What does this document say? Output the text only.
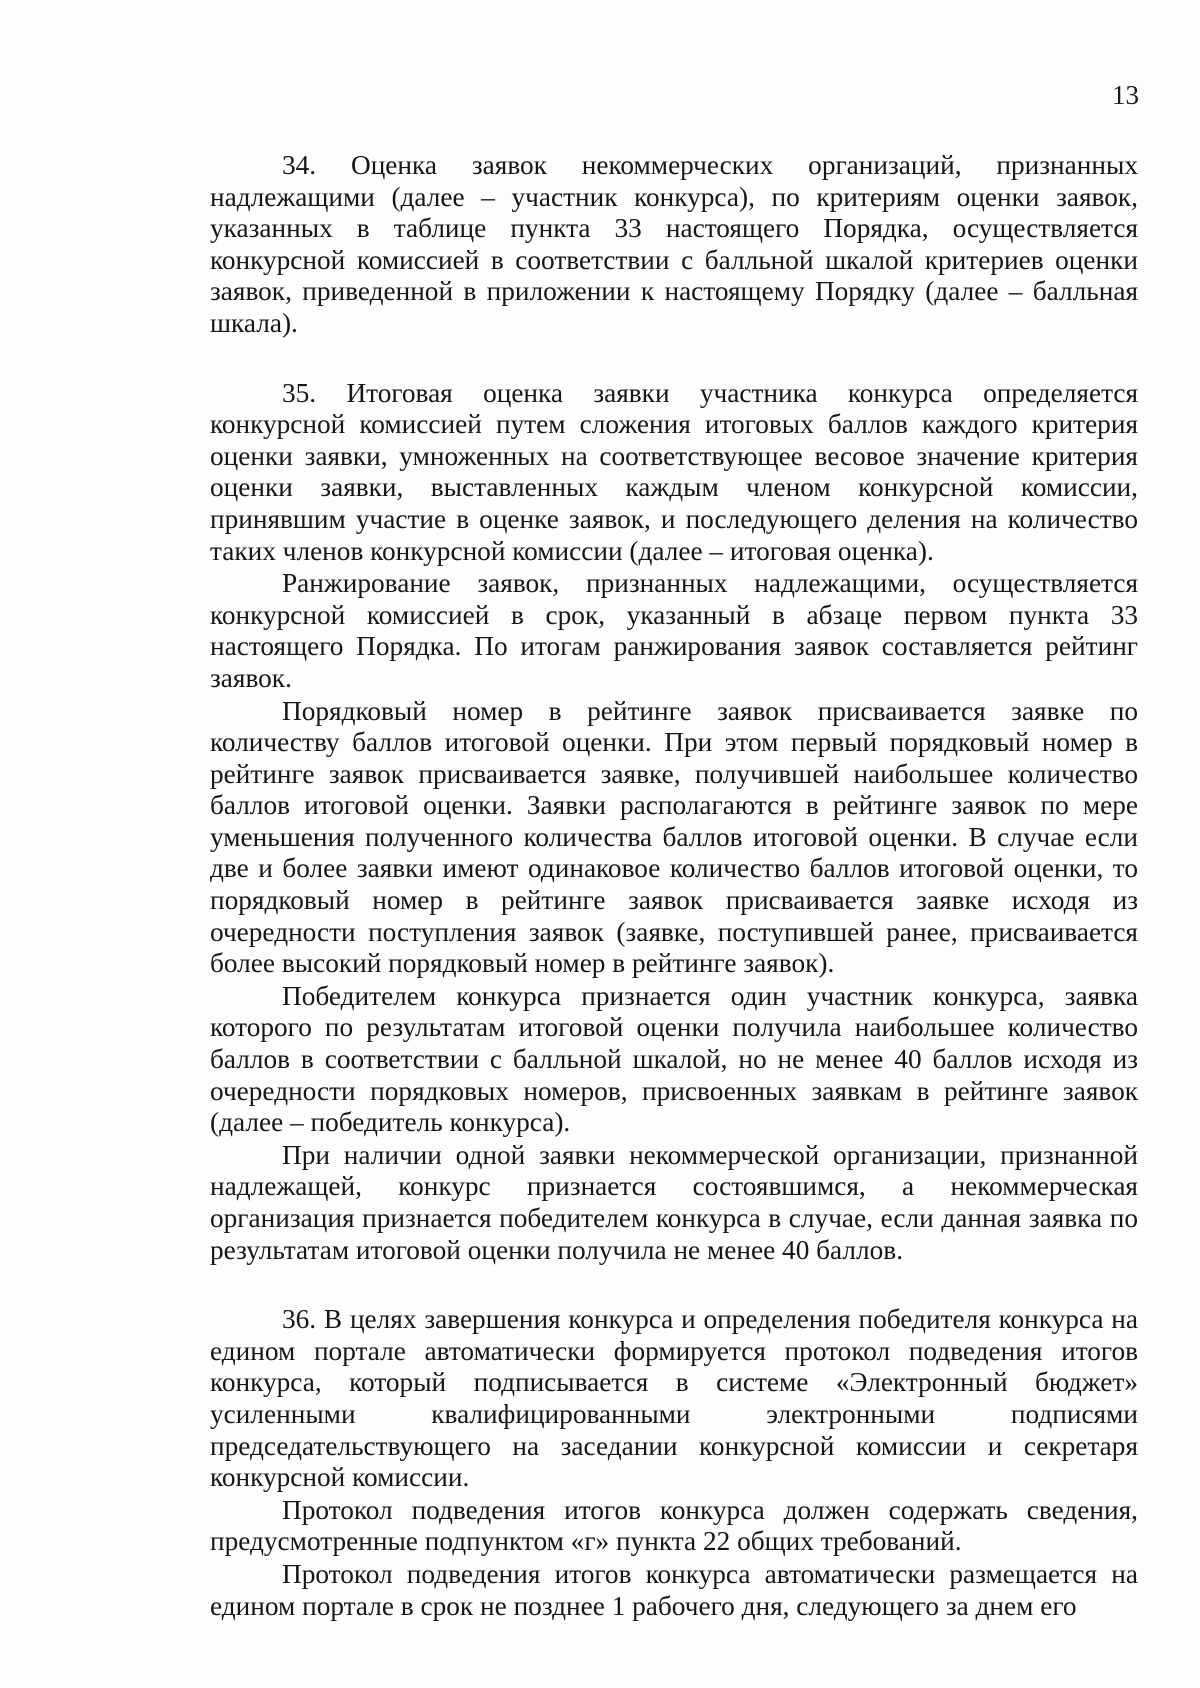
13

34. Оценка заявок некоммерческих организаций, признанных надлежащими (далее – участник конкурса), по критериям оценки заявок, указанных в таблице пункта 33 настоящего Порядка, осуществляется конкурсной комиссией в соответствии с балльной шкалой критериев оценки заявок, приведенной в приложении к настоящему Порядку (далее – балльная шкала).

35. Итоговая оценка заявки участника конкурса определяется конкурсной комиссией путем сложения итоговых баллов каждого критерия оценки заявки, умноженных на соответствующее весовое значение критерия оценки заявки, выставленных каждым членом конкурсной комиссии, принявшим участие в оценке заявок, и последующего деления на количество таких членов конкурсной комиссии (далее – итоговая оценка).

Ранжирование заявок, признанных надлежащими, осуществляется конкурсной комиссией в срок, указанный в абзаце первом пункта 33 настоящего Порядка. По итогам ранжирования заявок составляется рейтинг заявок.

Порядковый номер в рейтинге заявок присваивается заявке по количеству баллов итоговой оценки. При этом первый порядковый номер в рейтинге заявок присваивается заявке, получившей наибольшее количество баллов итоговой оценки. Заявки располагаются в рейтинге заявок по мере уменьшения полученного количества баллов итоговой оценки. В случае если две и более заявки имеют одинаковое количество баллов итоговой оценки, то порядковый номер в рейтинге заявок присваивается заявке исходя из очередности поступления заявок (заявке, поступившей ранее, присваивается более высокий порядковый номер в рейтинге заявок).

Победителем конкурса признается один участник конкурса, заявка которого по результатам итоговой оценки получила наибольшее количество баллов в соответствии с балльной шкалой, но не менее 40 баллов исходя из очередности порядковых номеров, присвоенных заявкам в рейтинге заявок (далее – победитель конкурса).

При наличии одной заявки некоммерческой организации, признанной надлежащей, конкурс признается состоявшимся, а некоммерческая организация признается победителем конкурса в случае, если данная заявка по результатам итоговой оценки получила не менее 40 баллов.

36. В целях завершения конкурса и определения победителя конкурса на едином портале автоматически формируется протокол подведения итогов конкурса, который подписывается в системе «Электронный бюджет» усиленными квалифицированными электронными подписями председательствующего на заседании конкурсной комиссии и секретаря конкурсной комиссии.

Протокол подведения итогов конкурса должен содержать сведения, предусмотренные подпунктом «г» пункта 22 общих требований.

Протокол подведения итогов конкурса автоматически размещается на едином портале в срок не позднее 1 рабочего дня, следующего за днем его
